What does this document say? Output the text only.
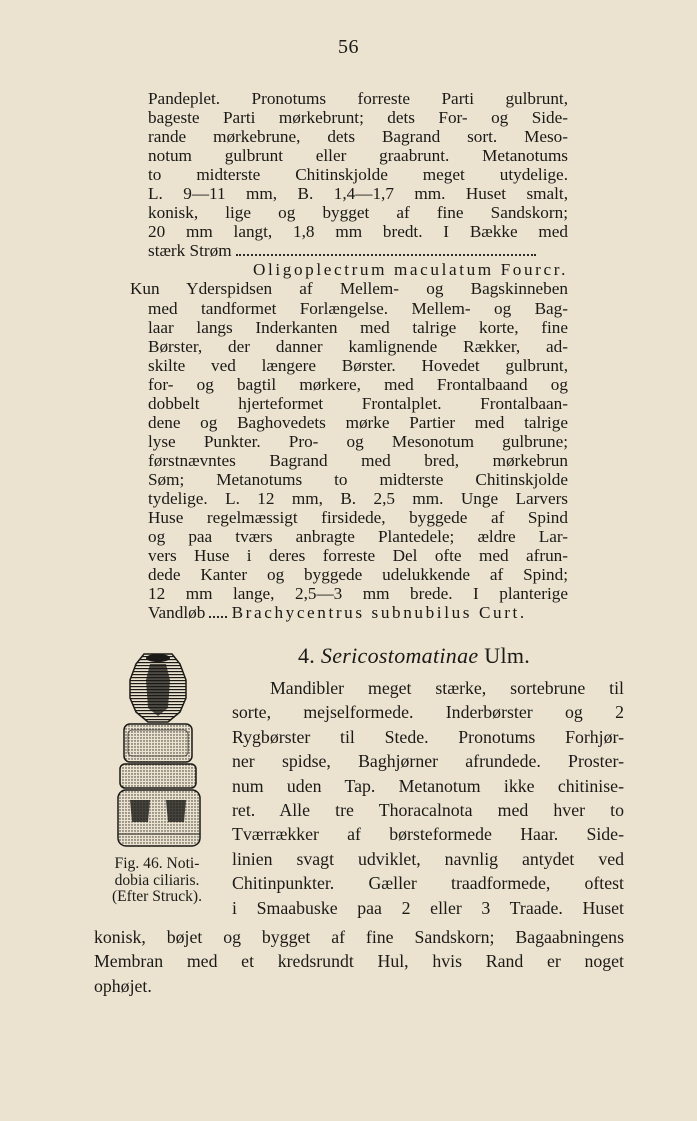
56
Pandeplet. Pronotums forreste Parti gulbrunt,
bageste Parti mørkebrunt; dets For- og Side-
rande mørkebrune, dets Bagrand sort. Meso-
notum gulbrunt eller graabrunt. Metanotums
to midterste Chitinskjolde meget utydelige.
L. 9—11 mm, B. 1,4—1,7 mm. Huset smalt,
konisk, lige og bygget af fine Sandskorn;
20 mm langt, 1,8 mm bredt. I Bække med
stærk Strøm
Oligoplectrum maculatum Fourcr.
Kun Yderspidsen af Mellem- og Bagskinneben
med tandformet Forlængelse. Mellem- og Bag-
laar langs Inderkanten med talrige korte, fine
Børster, der danner kamlignende Rækker, ad-
skilte ved længere Børster. Hovedet gulbrunt,
for- og bagtil mørkere, med Frontalbaand og
dobbelt hjerteformet Frontalplet. Frontalbaan-
dene og Baghovedets mørke Partier med talrige
lyse Punkter. Pro- og Mesonotum gulbrune;
førstnævntes Bagrand med bred, mørkebrun
Søm; Metanotums to midterste Chitinskjolde
tydelige. L. 12 mm, B. 2,5 mm. Unge Larvers
Huse regelmæssigt firsidede, byggede af Spind
og paa tværs anbragte Plantedele; ældre Lar-
vers Huse i deres forreste Del ofte med afrun-
dede Kanter og byggede udelukkende af Spind;
12 mm lange, 2,5—3 mm brede. I planterige
Vandløb Brachycentrus subnubilus Curt.
4. Sericostomatinae Ulm.
Fig. 46. Noti-
dobia ciliaris.
(Efter Struck).
Mandibler meget stærke, sortebrune til
sorte, mejselformede. Inderbørster og 2
Rygbørster til Stede. Pronotums Forhjør-
ner spidse, Baghjørner afrundede. Proster-
num uden Tap. Metanotum ikke chitinise-
ret. Alle tre Thoracalnota med hver to
Tværrækker af børsteformede Haar. Side-
linien svagt udviklet, navnlig antydet ved
Chitinpunkter. Gæller traadformede, oftest
i Smaabuske paa 2 eller 3 Traade. Huset
konisk, bøjet og bygget af fine Sandskorn; Bagaabningens
Membran med et kredsrundt Hul, hvis Rand er noget
ophøjet.
